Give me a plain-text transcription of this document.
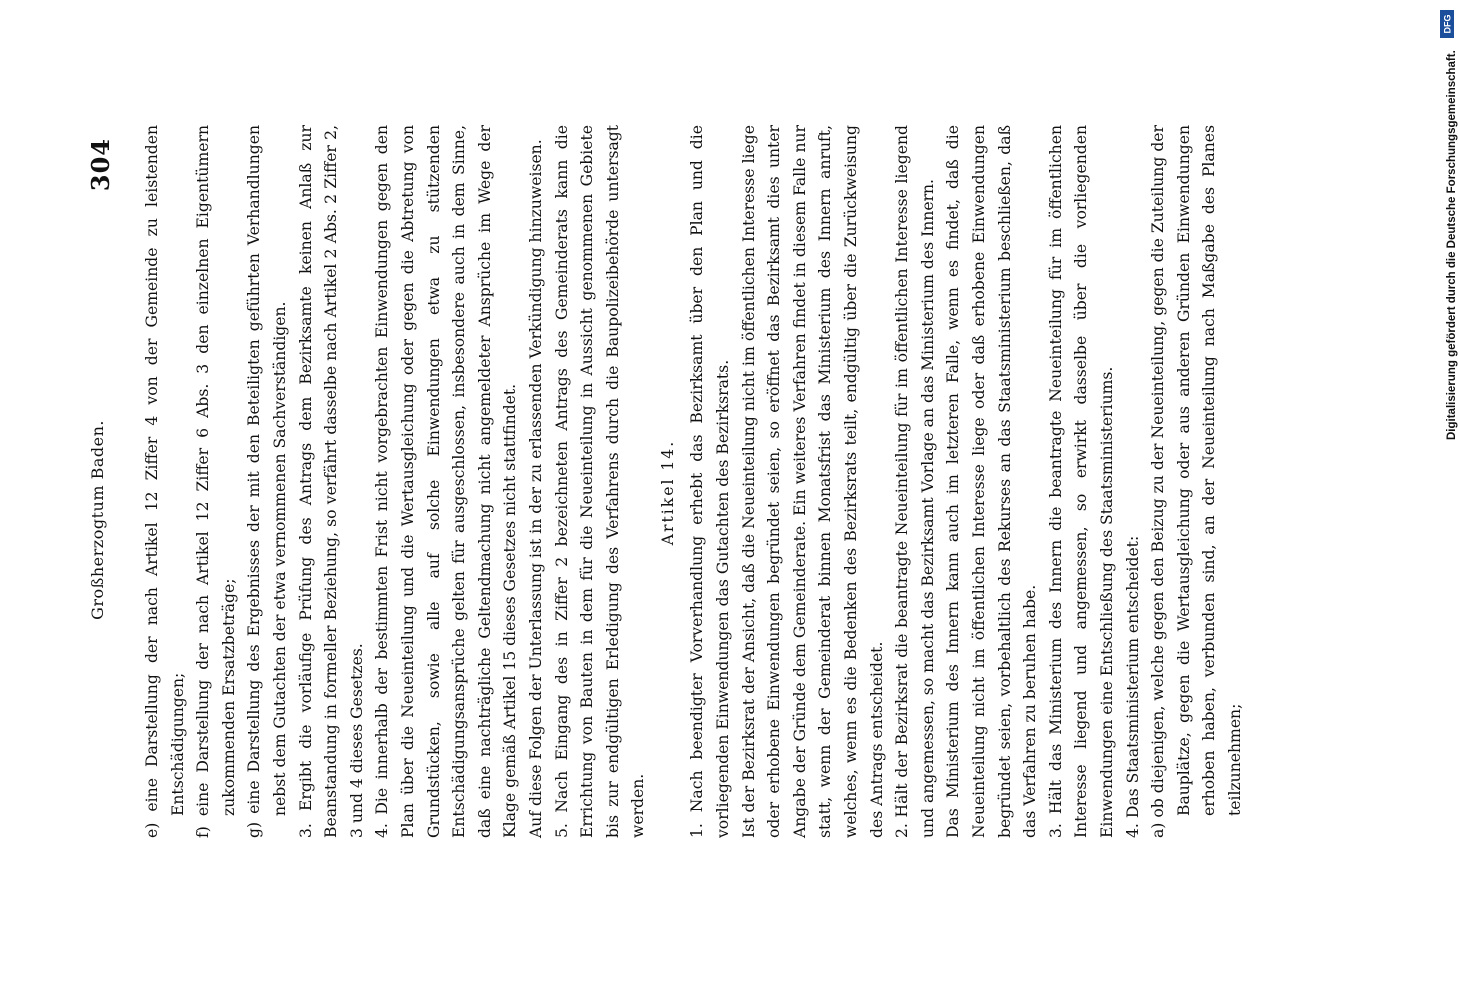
304
Großherzogtum Baden. e) eine Darstellung der nach Artikel 12 Ziffer 4 von der Gemeinde zu leistenden Entschädigungen; f) eine Darstellung der nach Artikel 12 Ziffer 6 Abs. 3 den einzelnen Eigentümern zukommenden Ersatzbeträge; g) eine Darstellung des Ergebnisses der mit den Beteiligten geführten Verhandlungen nebst dem Gutachten der etwa vernommenen Sachverständigen. 3. Ergibt die vorläufige Prüfung des Antrags dem Bezirksamte keinen Anlaß zur Beanstandung in formeller Beziehung, so verfährt dasselbe nach Artikel 2 Abs. 2 Ziffer 2, 3 und 4 dieses Gesetzes. 4. Die innerhalb der bestimmten Frist nicht vorgebrachten Einwendungen gegen den Plan über die Neueinteilung und die Wertausgleichung oder gegen die Abtretung von Grundstücken, sowie alle auf solche Einwendungen etwa zu stützenden Entschädigungsansprüche gelten für ausgeschlossen, insbesondere auch in dem Sinne, daß eine nachträgliche Geltendmachung nicht angemeldeter Ansprüche im Wege der Klage gemäß Artikel 15 dieses Gesetzes nicht stattfindet. Auf diese Folgen der Unterlassung ist in der zu erlassenden Verkündigung hinzuweisen. 5. Nach Eingang des in Ziffer 2 bezeichneten Antrags des Gemeinderats kann die Errichtung von Bauten in dem für die Neueinteilung in Aussicht genommenen Gebiete bis zur endgültigen Erledigung des Verfahrens durch die Baupolizeibehörde untersagt werden.

Artikel 14. 1. Nach beendigter Vorverhandlung erhebt das Bezirksamt über den Plan und die vorliegenden Einwendungen das Gutachten des Bezirksrats. Ist der Bezirksrat der Ansicht, daß die Neueinteilung nicht im öffentlichen Interesse liege oder erhobene Einwendungen begründet seien, so eröffnet das Bezirksamt dies unter Angabe der Gründe dem Gemeinderate. Ein weiteres Verfahren findet in diesem Falle nur statt, wenn der Gemeinderat binnen Monatsfrist das Ministerium des Innern anruft, welches, wenn es die Bedenken des Bezirksrats teilt, endgültig über die Zurückweisung des Antrags entscheidet. 2. Hält der Bezirksrat die beantragte Neueinteilung für im öffentlichen Interesse liegend und angemessen, so macht das Bezirksamt Vorlage an das Ministerium des Innern. Das Ministerium des Innern kann auch im letzteren Falle, wenn es findet, daß die Neueinteilung nicht im öffentlichen Interesse liege oder daß erhobene Einwendungen begründet seien, vorbehaltlich des Rekurses an das Staatsministerium beschließen, daß das Verfahren zu beruhen habe. 3. Hält das Ministerium des Innern die beantragte Neueinteilung für im öffentlichen Interesse liegend und angemessen, so erwirkt dasselbe über die vorliegenden Einwendungen eine Entschließung des Staatsministeriums. 4. Das Staatsministerium entscheidet: a) ob diejenigen, welche gegen den Beizug zu der Neueinteilung, gegen die Zuteilung der Bauplätze, gegen die Wertausgleichung oder aus anderen Gründen Einwendungen erhoben haben, verbunden sind, an der Neueinteilung nach Maßgabe des Planes teilzunehmen;

DFG
Digitalisierung gefördert durch die Deutsche Forschungsgemeinschaft.
